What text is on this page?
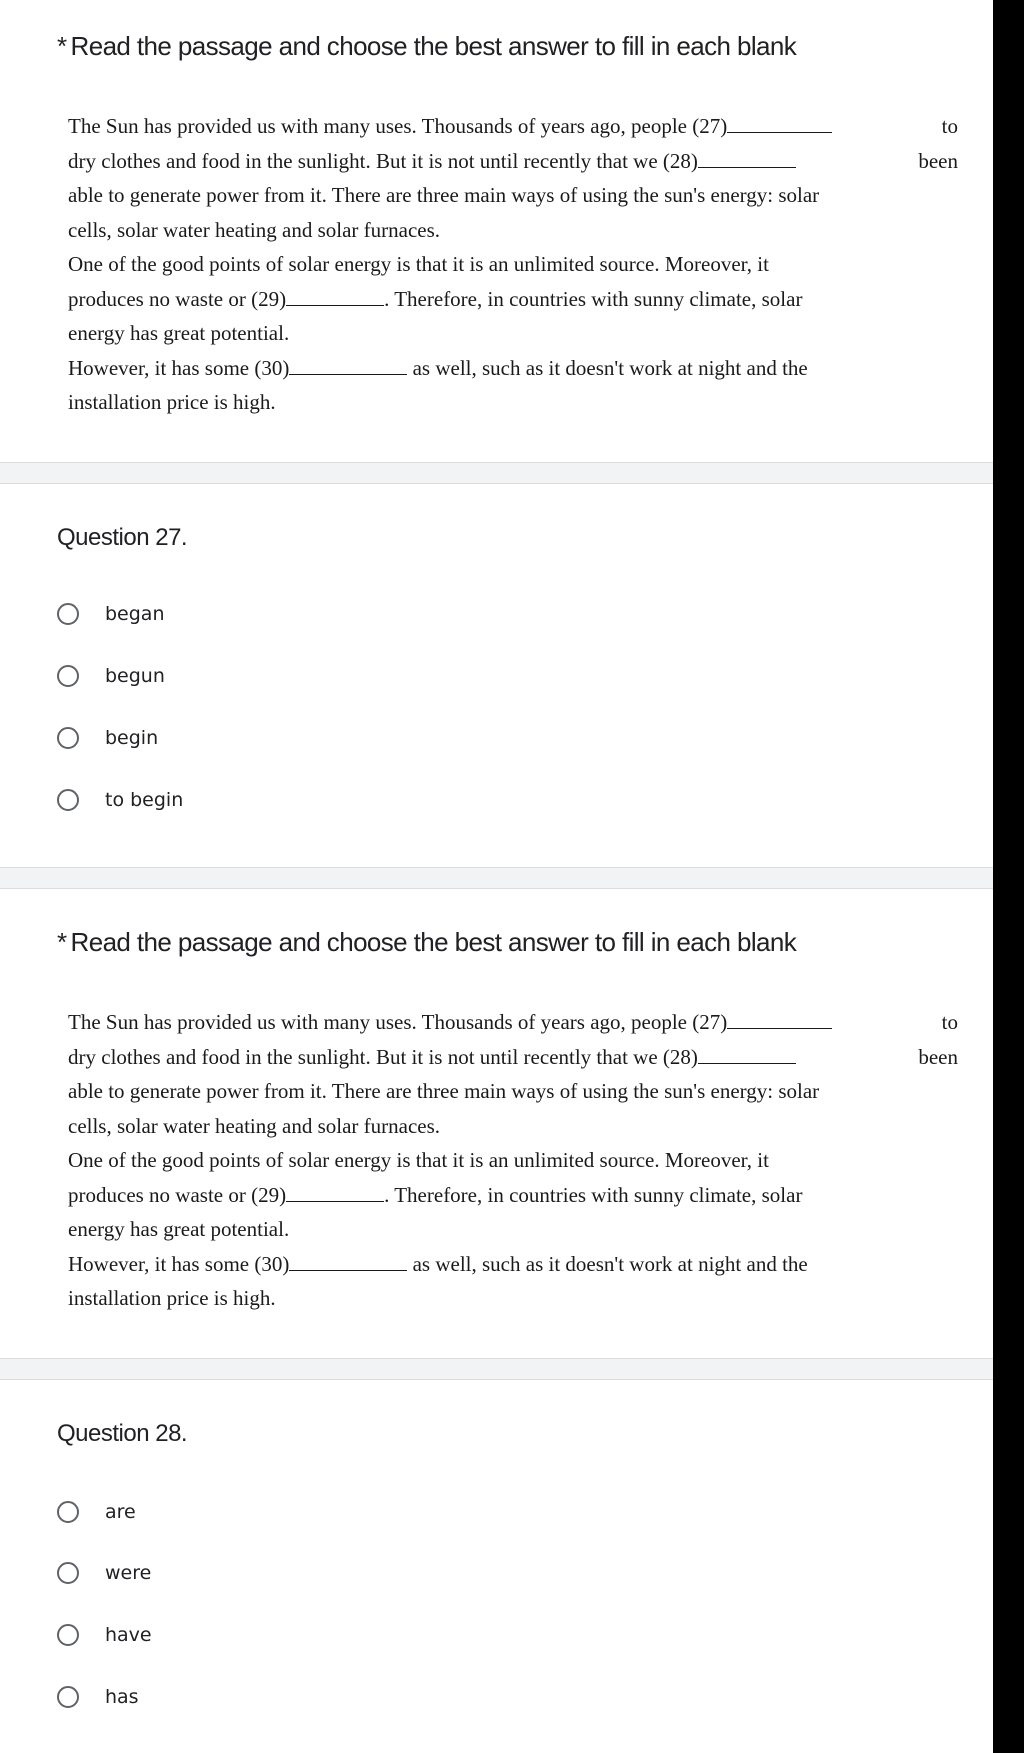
* Read the passage and choose the best answer to fill in each blank
The Sun has provided us with many uses. Thousands of years ago, people (27)	to
dry clothes and food in the sunlight. But it is not until recently that we (28)	been
able to generate power from it. There are three main ways of using the sun's energy: solar
cells, solar water heating and solar furnaces.
One of the good points of solar energy is that it is an unlimited source. Moreover, it
produces no waste or (29)	. Therefore, in countries with sunny climate, solar
energy has great potential.
However, it has some (30)	as well, such as it doesn't work at night and the
installation price is high.
Question 27.
began
begun
begin
to begin
* Read the passage and choose the best answer to fill in each blank
The Sun has provided us with many uses. Thousands of years ago, people (27)	to
dry clothes and food in the sunlight. But it is not until recently that we (28)	been
able to generate power from it. There are three main ways of using the sun's energy: solar
cells, solar water heating and solar furnaces.
One of the good points of solar energy is that it is an unlimited source. Moreover, it
produces no waste or (29)	. Therefore, in countries with sunny climate, solar
energy has great potential.
However, it has some (30)	as well, such as it doesn't work at night and the
installation price is high.
Question 28.
are
were
have
has
